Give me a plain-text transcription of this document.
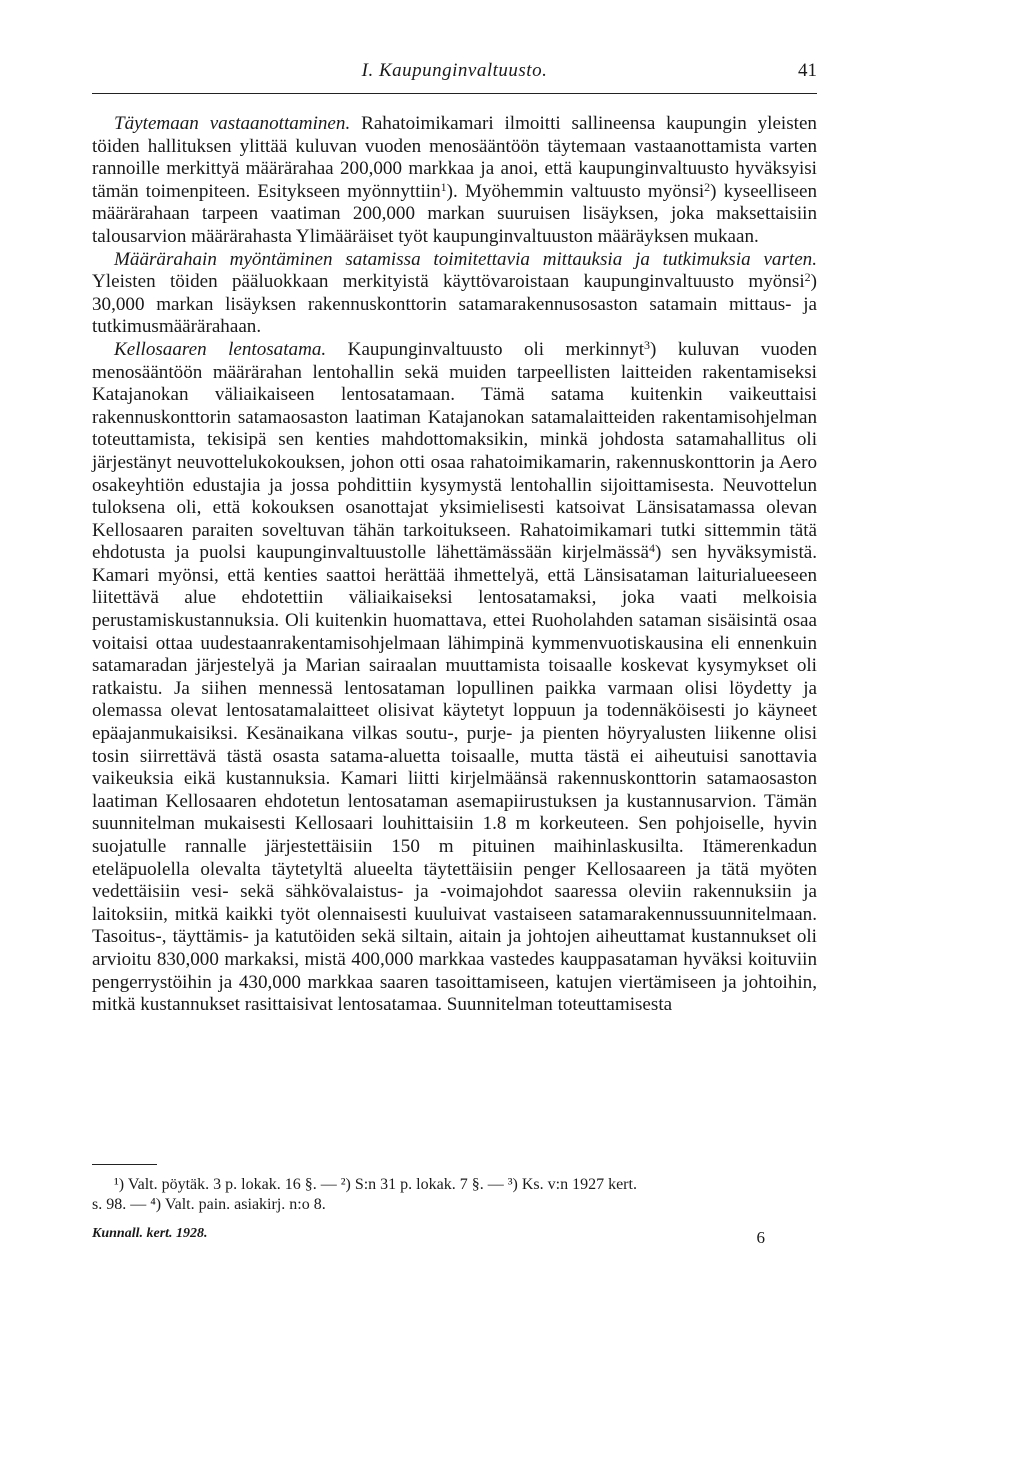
I. Kaupunginvaltuusto.	41

Täytemaan vastaanottaminen. Rahatoimikamari ilmoitti sallineensa kaupungin yleisten töiden hallituksen ylittää kuluvan vuoden menosääntöön täytemaan vastaanottamista varten rannoille merkittyä määrärahaa 200,000 markkaa ja anoi, että kaupunginvaltuusto hyväksyisi tämän toimenpiteen. Esitykseen myönnyttiin$^1$). Myöhemmin valtuusto myönsi$^2$) kyseelliseen määrärahaan tarpeen vaatiman 200,000 markan suuruisen lisäyksen, joka maksettaisiin talousarvion määrärahasta Ylimääräiset työt kaupunginvaltuuston määräyksen mukaan.

Määrärahain myöntäminen satamissa toimitettavia mittauksia ja tutkimuksia varten. Yleisten töiden pääluokkaan merkityistä käyttövaroistaan kaupunginvaltuusto myönsi$^2$) 30,000 markan lisäyksen rakennuskonttorin satamarakennusosaston satamain mittaus- ja tutkimusmäärärahaan.

Kellosaaren lentosatama. Kaupunginvaltuusto oli merkinnyt$^3$) kuluvan vuoden menosääntöön määrärahan lentohallin sekä muiden tarpeellisten laitteiden rakentamiseksi Katajanokan väliaikaiseen lentosatamaan. Tämä satama kuitenkin vaikeuttaisi rakennuskonttorin satamaosaston laatiman Katajanokan satamalaitteiden rakentamisohjelman toteuttamista, tekisipä sen kenties mahdottomaksikin, minkä johdosta satamahallitus oli järjestänyt neuvottelukokouksen, johon otti osaa rahatoimikamarin, rakennuskonttorin ja Aero osakeyhtiön edustajia ja jossa pohdittiin kysymystä lentohallin sijoittamisesta. Neuvottelun tuloksena oli, että kokouksen osanottajat yksimielisesti katsoivat Länsisatamassa olevan Kellosaaren paraiten soveltuvan tähän tarkoitukseen. Rahatoimikamari tutki sittemmin tätä ehdotusta ja puolsi kaupunginvaltuustolle lähettämässään kirjelmässä$^4$) sen hyväksymistä. Kamari myönsi, että kenties saattoi herättää ihmettelyä, että Länsisataman laiturialueeseen liitettävä alue ehdotettiin väliaikaiseksi lentosatamaksi, joka vaati melkoisia perustamiskustannuksia. Oli kuitenkin huomattava, ettei Ruoholahden sataman sisäisintä osaa voitaisi ottaa uudestaanrakentamisohjelmaan lähimpinä kymmenvuotiskausina eli ennenkuin satamaradan järjestelyä ja Marian sairaalan muuttamista toisaalle koskevat kysymykset oli ratkaistu. Ja siihen mennessä lentosataman lopullinen paikka varmaan olisi löydetty ja olemassa olevat lentosatamalaitteet olisivat käytetyt loppuun ja todennäköisesti jo käyneet epäajanmukaisiksi. Kesänaikana vilkas soutu-, purje- ja pienten höyryalusten liikenne olisi tosin siirrettävä tästä osasta satama-aluetta toisaalle, mutta tästä ei aiheutuisi sanottavia vaikeuksia eikä kustannuksia. Kamari liitti kirjelmäänsä rakennuskonttorin satamaosaston laatiman Kellosaaren ehdotetun lentosataman asemapiirustuksen ja kustannusarvion. Tämän suunnitelman mukaisesti Kellosaari louhittaisiin 1.8 m korkeuteen. Sen pohjoiselle, hyvin suojatulle rannalle järjestettäisiin 150 m pituinen maihinlaskusilta. Itämerenkadun eteläpuolella olevalta täytetyltä alueelta täytettäisiin penger Kellosaareen ja tätä myöten vedettäisiin vesi- sekä sähkövalaistus- ja -voimajohdot saaressa oleviin rakennuksiin ja laitoksiin, mitkä kaikki työt olennaisesti kuuluivat vastaiseen satamarakennussuunnitelmaan. Tasoitus-, täyttämis- ja katutöiden sekä siltain, aitain ja johtojen aiheuttamat kustannukset oli arvioitu 830,000 markaksi, mistä 400,000 markkaa vastedes kauppasataman hyväksi koituviin pengerrystöihin ja 430,000 markkaa saaren tasoittamiseen, katujen viertämiseen ja johtoihin, mitkä kustannukset rasittaisivat lentosatamaa. Suunnitelman toteuttamisesta

¹) Valt. pöytäk. 3 p. lokak. 16 §. — ²) S:n 31 p. lokak. 7 §. — ³) Ks. v:n 1927 kert.

s. 98. — ⁴) Valt. pain. asiakirj. n:o 8.
Kunnall. kert. 1928.	6
